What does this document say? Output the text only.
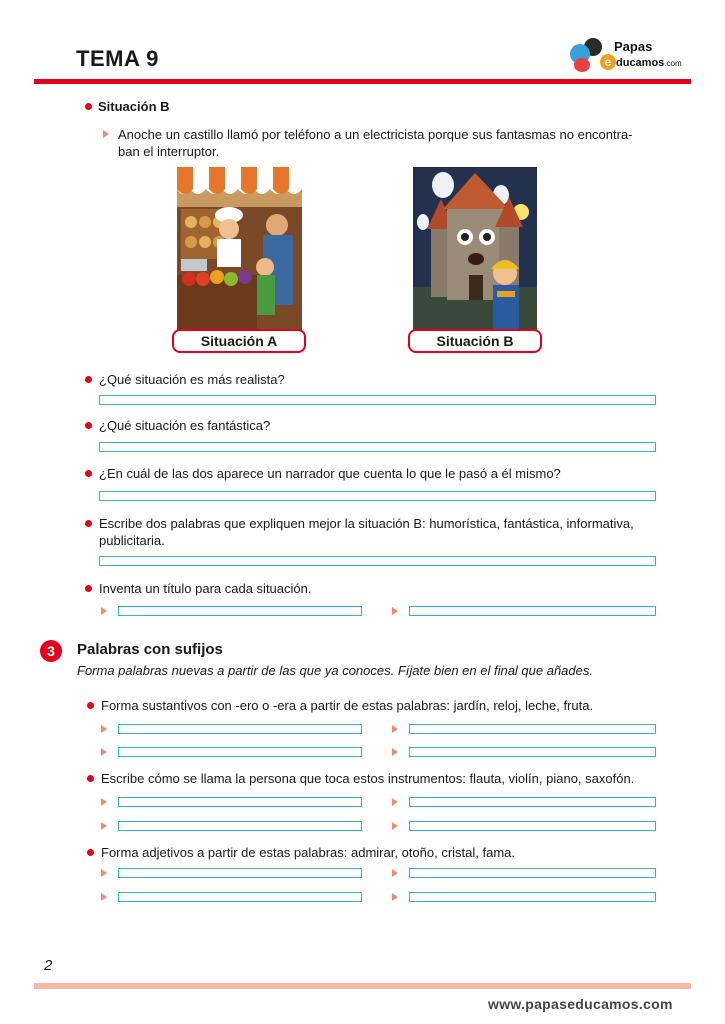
TEMA 9	Papas
e ducamos.com
Situación B
Anoche un castillo llamó por teléfono a un electricista porque sus fantasmas no encontra-
ban el interruptor.
Situación A	Situación B
¿Qué situación es más realista?
¿Qué situación es fantástica?
¿En cuál de las dos aparece un narrador que cuenta lo que le pasó a él mismo?
Escribe dos palabras que expliquen mejor la situación B: humorística, fantástica, informativa,
publicitaria.
Inventa un título para cada situación.
3	Palabras con sufijos
Forma palabras nuevas a partir de las que ya conoces. Fíjate bien en el final que añades.
Forma sustantivos con -ero o -era a partir de estas palabras: jardín, reloj, leche, fruta.
Escribe cómo se llama la persona que toca estos instrumentos: flauta, violín, piano, saxofón.
Forma adjetivos a partir de estas palabras: admirar, otoño, cristal, fama.
2
www.papaseducamos.com
